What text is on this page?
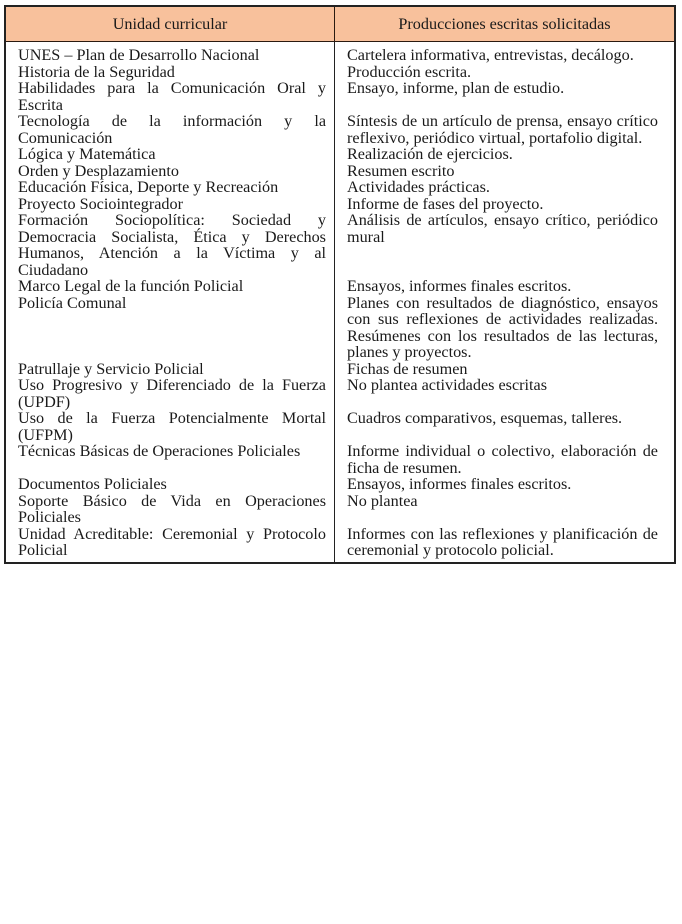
Unidad curricular	Producciones escritas solicitadas

UNES – Plan de Desarrollo Nacional	Cartelera informativa, entrevistas, decálogo.

Historia de la Seguridad	Producción escrita.

Habilidades para la Comunicación Oral y Escrita	Ensayo, informe, plan de estudio.

Tecnología de la información y la Comunicación	Síntesis de un artículo de prensa, ensayo crítico reflexivo, periódico virtual, portafolio digital.

Lógica y Matemática	Realización de ejercicios.

Orden y Desplazamiento	Resumen escrito

Educación Física, Deporte y Recreación	Actividades prácticas.

Proyecto Sociointegrador	Informe de fases del proyecto.

Formación Sociopolítica: Sociedad y Democracia Socialista, Ética y Derechos Humanos, Atención a la Víctima y al Ciudadano	Análisis de artículos, ensayo crítico, periódico mural

Marco Legal de la función Policial	Ensayos, informes finales escritos.

Policía Comunal	Planes con resultados de diagnóstico, ensayos con sus reflexiones de actividades realizadas. Resúmenes con los resultados de las lecturas, planes y proyectos.

Patrullaje y Servicio Policial	Fichas de resumen

Uso Progresivo y Diferenciado de la Fuerza (UPDF)	No plantea actividades escritas

Uso de la Fuerza Potencialmente Mortal (UFPM)	Cuadros comparativos, esquemas, talleres.

Técnicas Básicas de Operaciones Policiales	Informe individual o colectivo, elaboración de ficha de resumen.

Documentos Policiales	Ensayos, informes finales escritos.

Soporte Básico de Vida en Operaciones Policiales	No plantea

Unidad Acreditable: Ceremonial y Protocolo Policial	Informes con las reflexiones y planificación de ceremonial y protocolo policial.
